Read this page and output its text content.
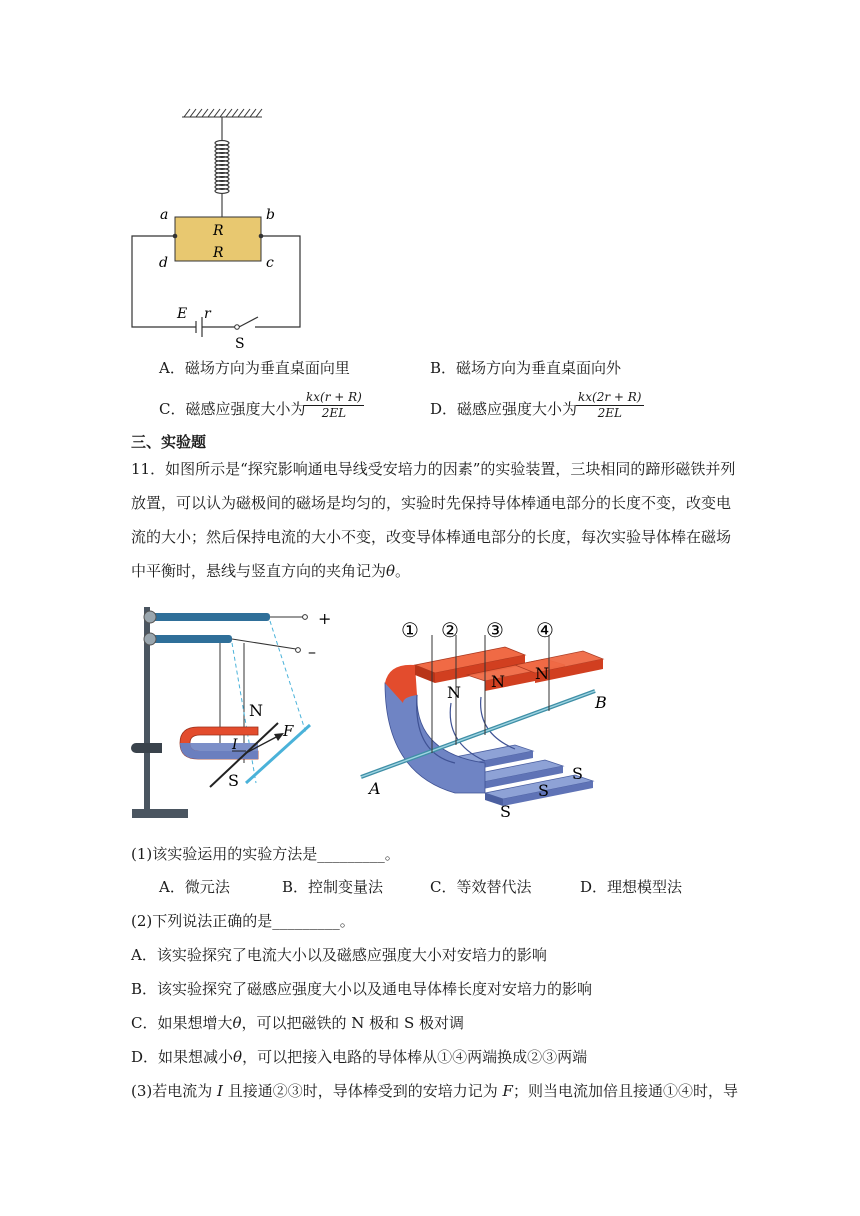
a	b
d	c
R
R
E r
S
A．磁场方向为垂直桌面向里	B．磁场方向为垂直桌面向外
C．磁感应强度大小为
$\frac{kx(r + R)}{2EL}$	D．磁感应强度大小为
$\frac{kx(2r + R)}{2EL}$
三、实验题
11．如图所示是“探究影响通电导线受安培力的因素”的实验装置，三块相同的蹄形磁铁并列
放置，可以认为磁极间的磁场是均匀的，实验时先保持导体棒通电部分的长度不变，改变电
流的大小；然后保持电流的大小不变，改变导体棒通电部分的长度，每次实验导体棒在磁场
中平衡时，悬线与竖直方向的夹角记为θ。
+
–
N
S
I
F
① ② ③ ④
N
N N
S
S
S
A
B
(1)该实验运用的实验方法是_________。
A．微元法	B．控制变量法	C．等效替代法	D．理想模型法
(2)下列说法正确的是_________。
A．该实验探究了电流大小以及磁感应强度大小对安培力的影响
B．该实验探究了磁感应强度大小以及通电导体棒长度对安培力的影响
C．如果想增大θ，可以把磁铁的 N 极和 S 极对调
D．如果想减小θ，可以把接入电路的导体棒从①④两端换成②③两端
(3)若电流为 I 且接通②③时，导体棒受到的安培力记为 F；则当电流加倍且接通①④时，导
